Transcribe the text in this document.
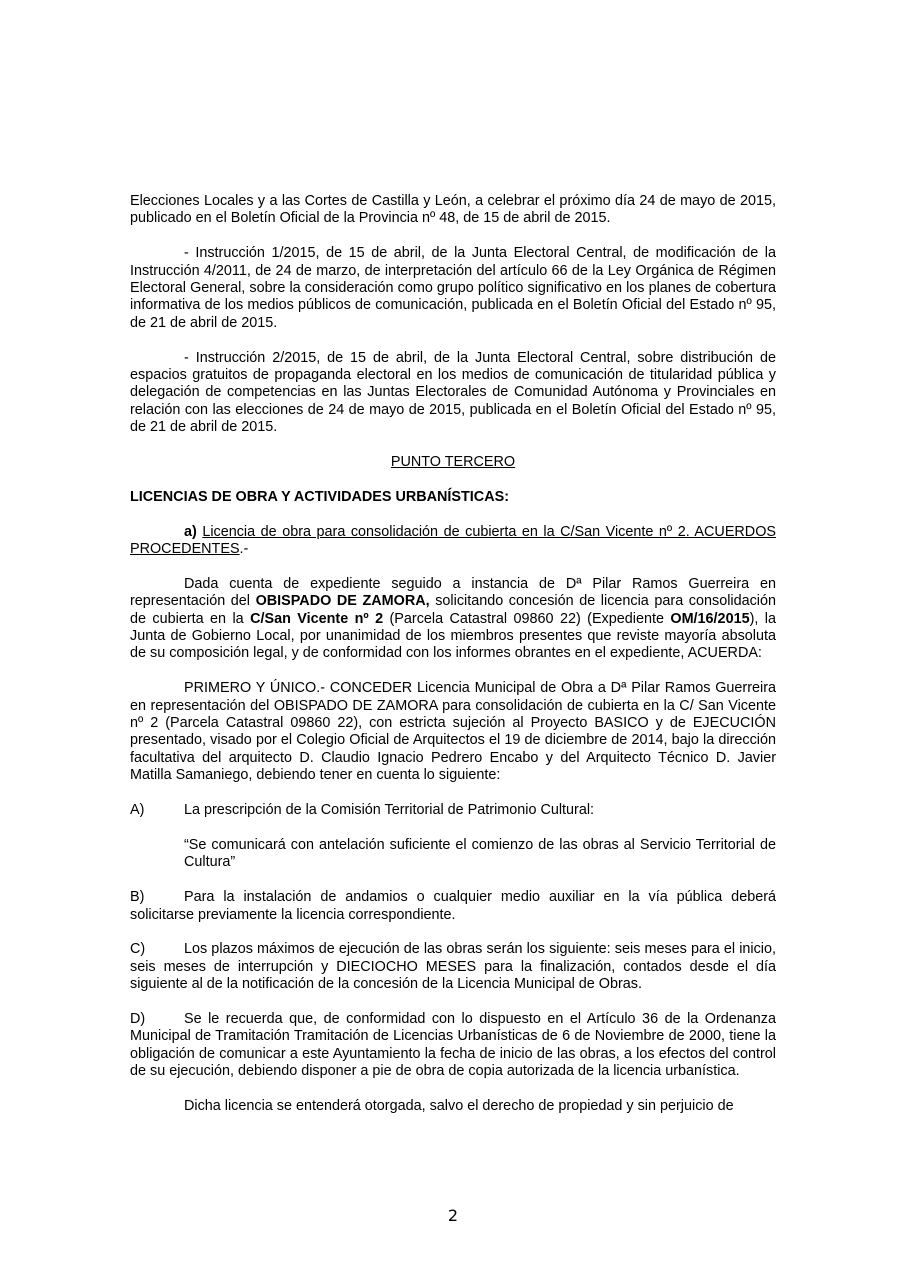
Elecciones Locales y a las Cortes de Castilla y León, a celebrar el próximo día 24 de mayo de 2015, publicado en el Boletín Oficial de la Provincia nº 48, de 15 de abril de 2015.

- Instrucción 1/2015, de 15 de abril, de la Junta Electoral Central, de modificación de la Instrucción 4/2011, de 24 de marzo, de interpretación del artículo 66 de la Ley Orgánica de Régimen Electoral General, sobre la consideración como grupo político significativo en los planes de cobertura informativa de los medios públicos de comunicación, publicada en el Boletín Oficial del Estado nº 95, de 21 de abril de 2015.

- Instrucción 2/2015, de 15 de abril, de la Junta Electoral Central, sobre distribución de espacios gratuitos de propaganda electoral en los medios de comunicación de titularidad pública y delegación de competencias en las Juntas Electorales de Comunidad Autónoma y Provinciales en relación con las elecciones de 24 de mayo de 2015, publicada en el Boletín Oficial del Estado nº 95, de 21 de abril de 2015.

PUNTO TERCERO

LICENCIAS DE OBRA Y ACTIVIDADES URBANÍSTICAS:

a) Licencia de obra para consolidación de cubierta en la C/San Vicente nº 2. ACUERDOS PROCEDENTES.-

Dada cuenta de expediente seguido a instancia de Dª Pilar Ramos Guerreira en representación del OBISPADO DE ZAMORA, solicitando concesión de licencia para consolidación de cubierta en la C/San Vicente nº 2 (Parcela Catastral 09860 22) (Expediente OM/16/2015), la Junta de Gobierno Local, por unanimidad de los miembros presentes que reviste mayoría absoluta de su composición legal, y de conformidad con los informes obrantes en el expediente, ACUERDA:

PRIMERO Y ÚNICO.- CONCEDER Licencia Municipal de Obra a Dª Pilar Ramos Guerreira en representación del OBISPADO DE ZAMORA para consolidación de cubierta en la C/ San Vicente nº 2 (Parcela Catastral 09860 22), con estricta sujeción al Proyecto BASICO y de EJECUCIÓN presentado, visado por el Colegio Oficial de Arquitectos el 19 de diciembre de 2014, bajo la dirección facultativa del arquitecto D. Claudio Ignacio Pedrero Encabo y del Arquitecto Técnico D. Javier Matilla Samaniego, debiendo tener en cuenta lo siguiente:

A)	La prescripción de la Comisión Territorial de Patrimonio Cultural:

“Se comunicará con antelación suficiente el comienzo de las obras al Servicio Territorial de Cultura”

B)	Para la instalación de andamios o cualquier medio auxiliar en la vía pública deberá solicitarse previamente la licencia correspondiente.

C)	Los plazos máximos de ejecución de las obras serán los siguiente: seis meses para el inicio, seis meses de interrupción y DIECIOCHO MESES para la finalización, contados desde el día siguiente al de la notificación de la concesión de la Licencia Municipal de Obras.

D)	Se le recuerda que, de conformidad con lo dispuesto en el Artículo 36 de la Ordenanza Municipal de Tramitación Tramitación de Licencias Urbanísticas de 6 de Noviembre de 2000, tiene la obligación de comunicar a este Ayuntamiento la fecha de inicio de las obras, a los efectos del control de su ejecución, debiendo disponer a pie de obra de copia autorizada de la licencia urbanística.

Dicha licencia se entenderá otorgada, salvo el derecho de propiedad y sin perjuicio de

2
